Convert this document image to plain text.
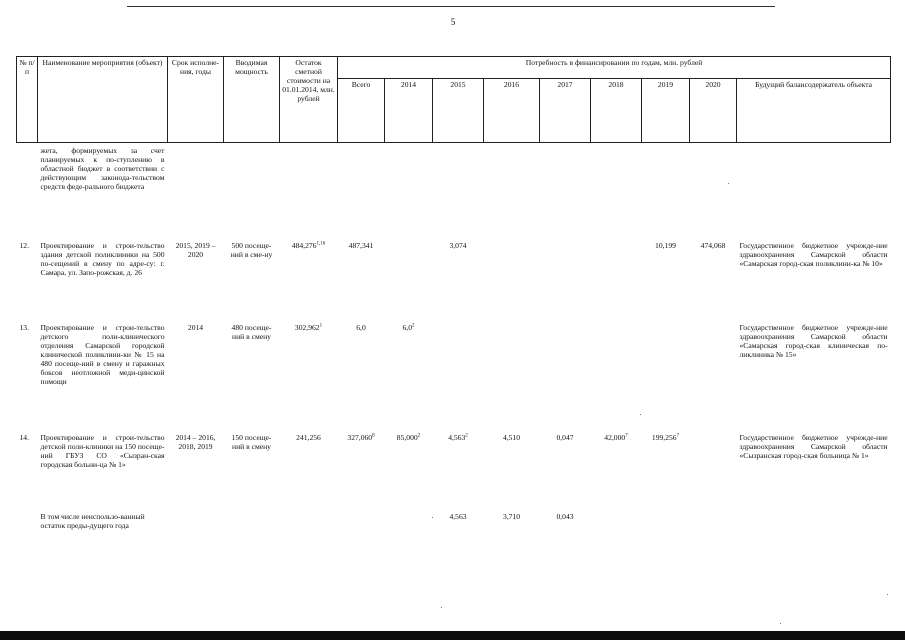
5
№ п/п	Наименование мероприятия (объект)	Срок исполне-ния, годы	Вводимая мощность	Остаток сметной стоимости на 01.01.2014, млн. рублей	Потребность в финансировании по годам, млн. рублей								
					Всего	2014	2015	2016	2017	2018	2019	2020	Будущий балансодержатель объекта
	жета, формируемых за счет планируемых к по-ступлению в областной бюджет в соответствии с действующим законода-тельством средств феде-рального бюджета												
12.	Проектирование и строи-тельство здания детской поликлиники на 500 по-сещений в смену по адре-су: г. Самара, ул. Запо-рожская, д. 26	2015, 2019 – 2020	500 посеще-ний в сме-ну	484,276$^{1,16}$	487,341		3,074				10,199	474,068	Государственное бюджетное учрежде-ние здравоохранения Самарской области «Самарская город-ская поликлини-ка № 10»
13.	Проектирование и строи-тельство детского поли-клинического отделения Самарской городской клинической поликлини-ки № 15 на 480 посеще-ний в смену и гаражных боксов неотложной меди-цинской помощи	2014	480 посеще-ний в смену	302,962$^1$	6,0	$6,0^2$							Государственное бюджетное учрежде-ние здравоохранения Самарской области «Самарская город-ская клиническая по-ликлиника № 15»
14.	Проектирование и строи-тельство детской поли-клиники на 150 посеще-ний ГБУЗ СО «Сызран-ская городская больни-ца № 1»	2014 – 2016, 2018, 2019	150 посеще-ний в смену	241,256	327,060$^8$	85,000$^2$	4,563$^2$	4,510	0,047	42,000$^7$	199,256$^7$		Государственное бюджетное учрежде-ние здравоохранения Самарской области «Сызранская город-ская больница № 1»
	В том числе неиспользо-ванный остаток преды-дущего года						4,563	3,710	0,043				
